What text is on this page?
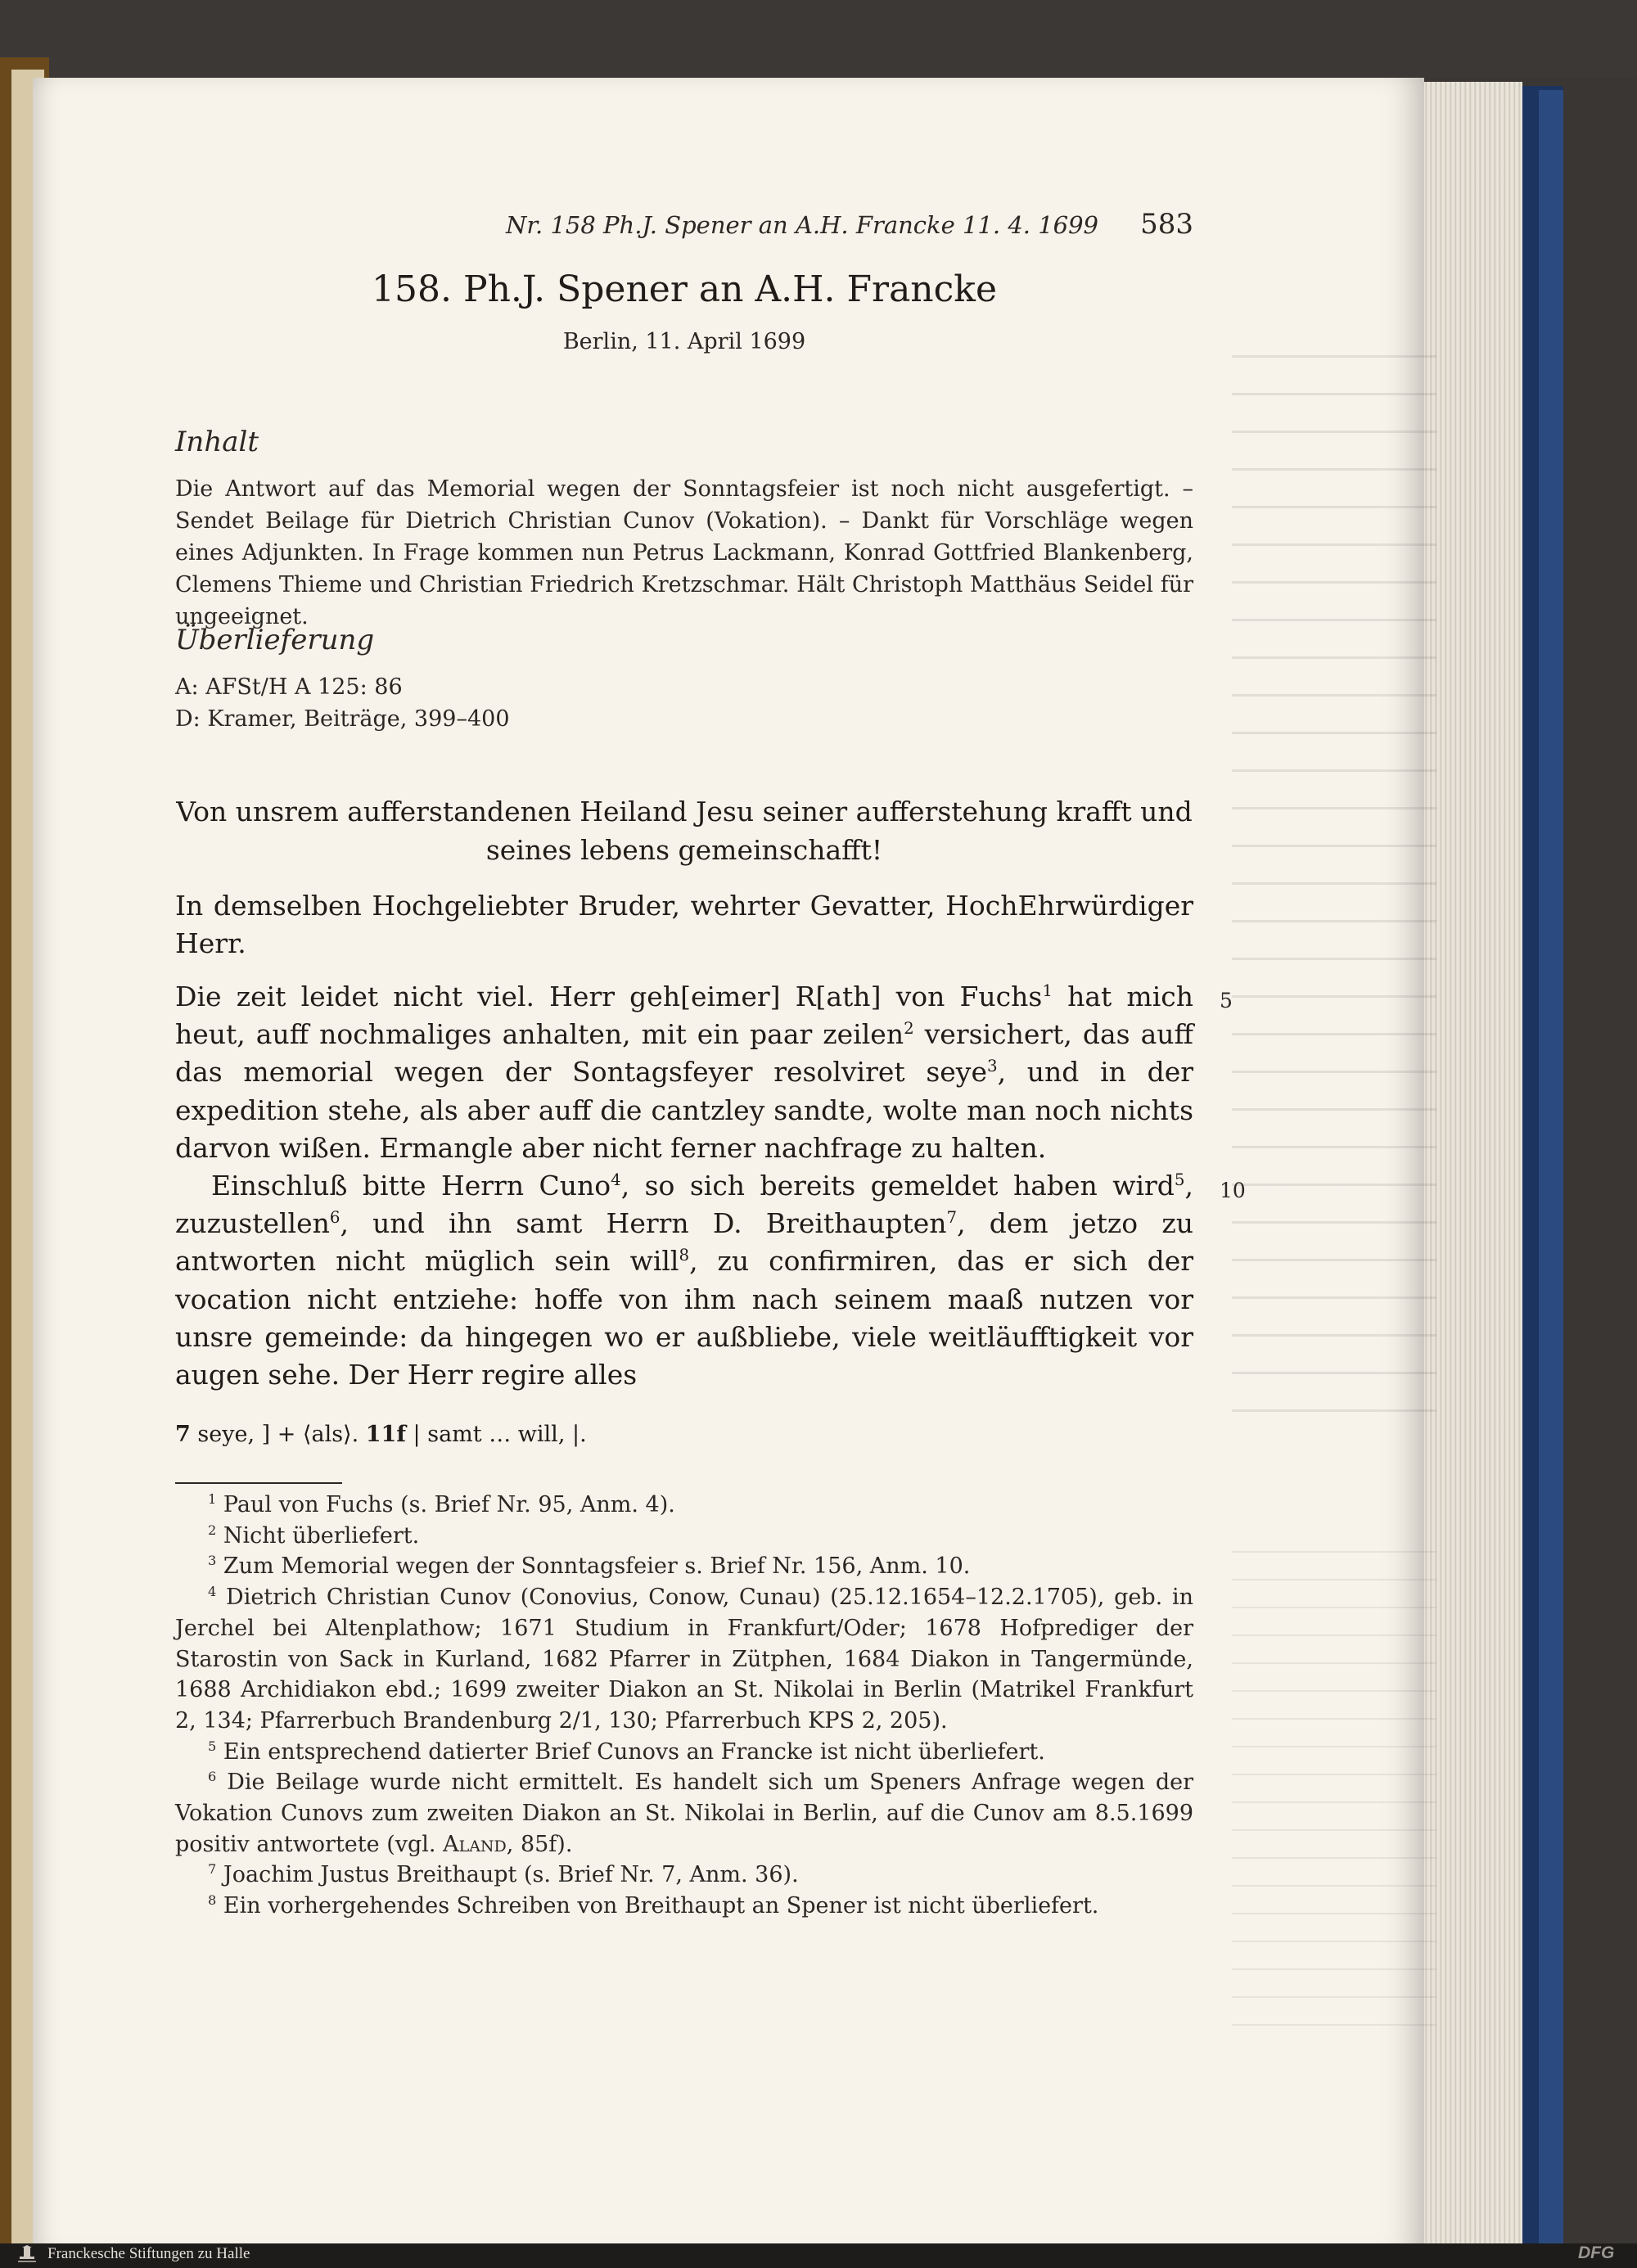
Nr. 158 Ph.J. Spener an A.H. Francke 11. 4. 1699	583
158. Ph.J. Spener an A.H. Francke
Berlin, 11. April 1699
Inhalt
Die Antwort auf das Memorial wegen der Sonntagsfeier ist noch nicht ausgefertigt. – Sendet Beilage für Dietrich Christian Cunov (Vokation). – Dankt für Vorschläge wegen eines Adjunkten. In Frage kommen nun Petrus Lackmann, Konrad Gottfried Blankenberg, Clemens Thieme und Christian Friedrich Kretzschmar. Hält Christoph Matthäus Seidel für ungeeignet.
Überlieferung
A: AFSt/H A 125: 86
D: Kramer, Beiträge, 399–400
Von unsrem aufferstandenen Heiland Jesu seiner aufferstehung krafft und
seines lebens gemeinschafft!
In demselben Hochgeliebter Bruder, wehrter Gevatter, HochEhrwürdiger Herr.

Die zeit leidet nicht viel. Herr geh[eimer] R[ath] von Fuchs$^1$ hat mich heut, auff nochmaliges anhalten, mit ein paar zeilen$^2$ versichert, das auff das memorial wegen der Sontagsfeyer resolviret seye$^3$, und in der expedition stehe, als aber auff die cantzley sandte, wolte man noch nichts darvon wißen. Ermangle aber nicht ferner nachfrage zu halten.

Einschluß bitte Herrn Cuno$^4$, so sich bereits gemeldet haben wird$^5$, zuzustellen$^6$, und ihn samt Herrn D. Breithaupten$^7$, dem jetzo zu antworten nicht müglich sein will$^8$, zu confirmiren, das er sich der vocation nicht entziehe: hoffe von ihm nach seinem maaß nutzen vor unsre gemeinde: da hingegen wo er außbliebe, viele weitläufftigkeit vor augen sehe. Der Herr regire alles

5
10
7 seye, ] + ⟨als⟩. 11f | samt … will, |.

$^1$ Paul von Fuchs (s. Brief Nr. 95, Anm. 4).

$^2$ Nicht überliefert.

$^3$ Zum Memorial wegen der Sonntagsfeier s. Brief Nr. 156, Anm. 10.

$^4$ Dietrich Christian Cunov (Conovius, Conow, Cunau) (25.12.1654–12.2.1705), geb. in Jerchel bei Altenplathow; 1671 Studium in Frankfurt/Oder; 1678 Hofprediger der Starostin von Sack in Kurland, 1682 Pfarrer in Zütphen, 1684 Diakon in Tangermünde, 1688 Archidiakon ebd.; 1699 zweiter Diakon an St. Nikolai in Berlin (Matrikel Frankfurt 2, 134; Pfarrerbuch Brandenburg 2/1, 130; Pfarrerbuch KPS 2, 205).

$^5$ Ein entsprechend datierter Brief Cunovs an Francke ist nicht überliefert.

$^6$ Die Beilage wurde nicht ermittelt. Es handelt sich um Speners Anfrage wegen der Vokation Cunovs zum zweiten Diakon an St. Nikolai in Berlin, auf die Cunov am 8.5.1699 positiv antwortete (vgl. Aland, 85f).

$^7$ Joachim Justus Breithaupt (s. Brief Nr. 7, Anm. 36).

$^8$ Ein vorhergehendes Schreiben von Breithaupt an Spener ist nicht überliefert.

Franckesche Stiftungen zu Halle	DFG
